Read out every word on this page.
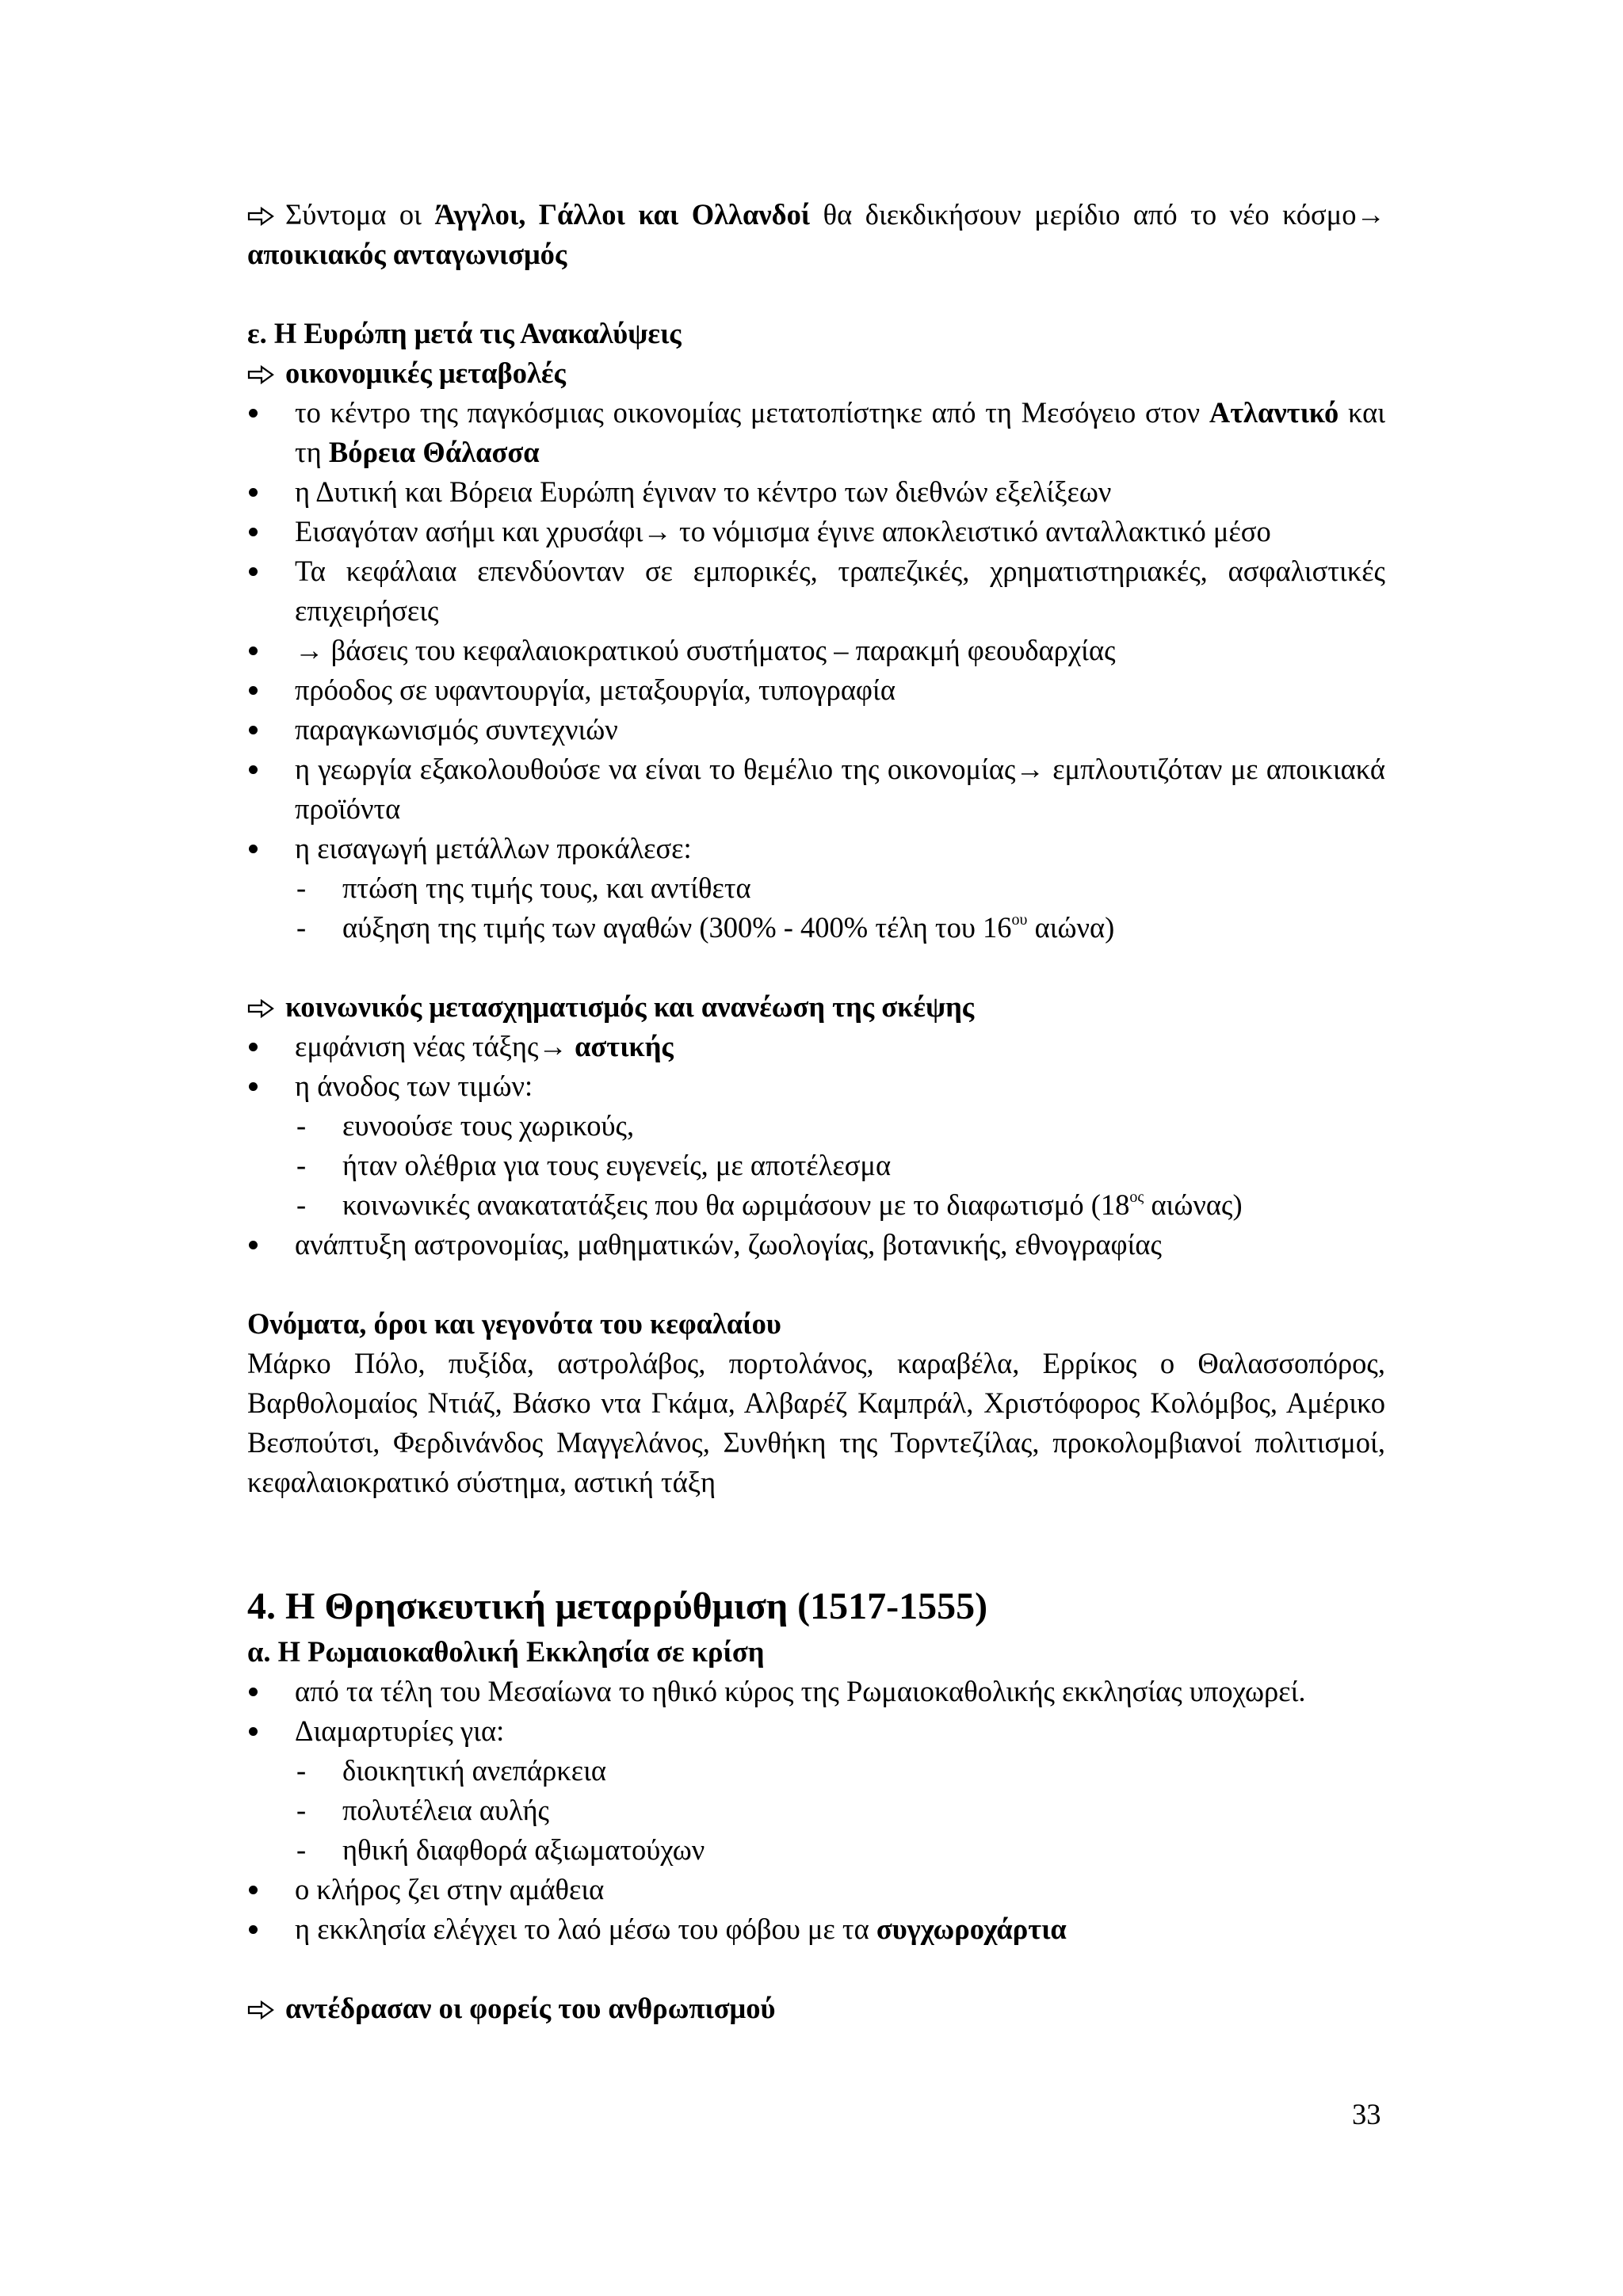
Σύντομα οι Άγγλοι, Γάλλοι και Ολλανδοί θα διεκδικήσουν μερίδιο από το νέο κόσμο→ αποικιακός ανταγωνισμός

ε. Η Ευρώπη μετά τις Ανακαλύψεις

οικονομικές μεταβολές

το κέντρο της παγκόσμιας οικονομίας μετατοπίστηκε από τη Μεσόγειο στον Ατλαντικό και τη Βόρεια Θάλασσα
η Δυτική και Βόρεια Ευρώπη έγιναν το κέντρο των διεθνών εξελίξεων
Εισαγόταν ασήμι και χρυσάφι→ το νόμισμα έγινε αποκλειστικό ανταλλακτικό μέσο
Τα κεφάλαια επενδύονταν σε εμπορικές, τραπεζικές, χρηματιστηριακές, ασφαλιστικές επιχειρήσεις
→ βάσεις του κεφαλαιοκρατικού συστήματος – παρακμή φεουδαρχίας
πρόοδος σε υφαντουργία, μεταξουργία, τυπογραφία
παραγκωνισμός συντεχνιών
η γεωργία εξακολουθούσε να είναι το θεμέλιο της οικονομίας→ εμπλουτιζόταν με αποικιακά προϊόντα
η εισαγωγή μετάλλων προκάλεσε:
- πτώση της τιμής τους, και αντίθετα
- αύξηση της τιμής των αγαθών (300% - 400% τέλη του $16^{o\upsilon}$ αιώνα)

κοινωνικός μετασχηματισμός και ανανέωση της σκέψης

εμφάνιση νέας τάξης→ αστικής
η άνοδος των τιμών:
- ευνοούσε τους χωρικούς,
- ήταν ολέθρια για τους ευγενείς, με αποτέλεσμα
- κοινωνικές ανακατατάξεις που θα ωριμάσουν με το διαφωτισμό ($18^{o\varsigma}$ αιώνας)
ανάπτυξη αστρονομίας, μαθηματικών, ζωολογίας, βοτανικής, εθνογραφίας

Ονόματα, όροι και γεγονότα του κεφαλαίου

Μάρκο Πόλο, πυξίδα, αστρολάβος, πορτολάνος, καραβέλα, Ερρίκος ο Θαλασσοπόρος, Βαρθολομαίος Ντιάζ, Βάσκο ντα Γκάμα, Αλβαρέζ Καμπράλ, Χριστόφορος Κολόμβος, Αμέρικο Βεσπούτσι, Φερδινάνδος Μαγγελάνος, Συνθήκη της Τορντεζίλας, προκολομβιανοί πολιτισμοί, κεφαλαιοκρατικό σύστημα, αστική τάξη

4. Η Θρησκευτική μεταρρύθμιση (1517-1555)

α. Η Ρωμαιοκαθολική Εκκλησία σε κρίση

από τα τέλη του Μεσαίωνα το ηθικό κύρος της Ρωμαιοκαθολικής εκκλησίας υποχωρεί.
Διαμαρτυρίες για:
- διοικητική ανεπάρκεια
- πολυτέλεια αυλής
- ηθική διαφθορά αξιωματούχων
ο κλήρος ζει στην αμάθεια
η εκκλησία ελέγχει το λαό μέσω του φόβου με τα συγχωροχάρτια

αντέδρασαν οι φορείς του ανθρωπισμού

33
